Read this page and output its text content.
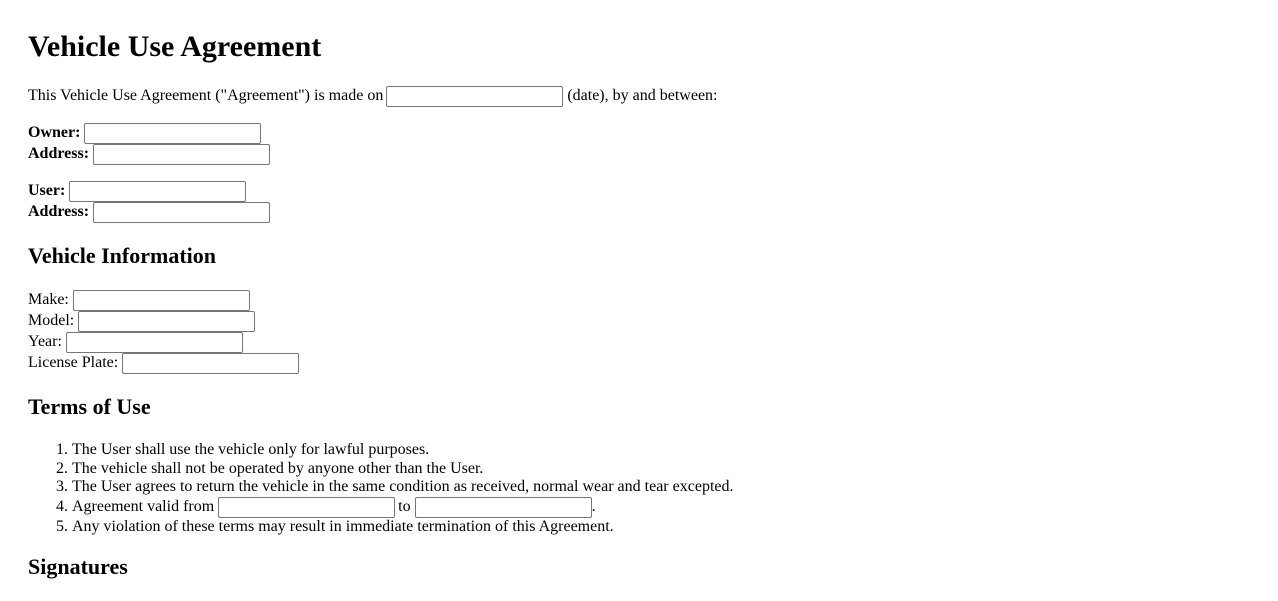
Vehicle Use Agreement
This Vehicle Use Agreement ("Agreement") is made on	(date), by and between:
Owner:
Address:
User:
Address:
Vehicle Information
Make:
Model:
Year:
License Plate:
Terms of Use
1.
The User shall use the vehicle only for lawful purposes.
2.
The vehicle shall not be operated by anyone other than the User.
3.
The User agrees to return the vehicle in the same condition as received, normal wear and tear excepted.
4.
Agreement valid from	to	.
5.
Any violation of these terms may result in immediate termination of this Agreement.
Signatures
